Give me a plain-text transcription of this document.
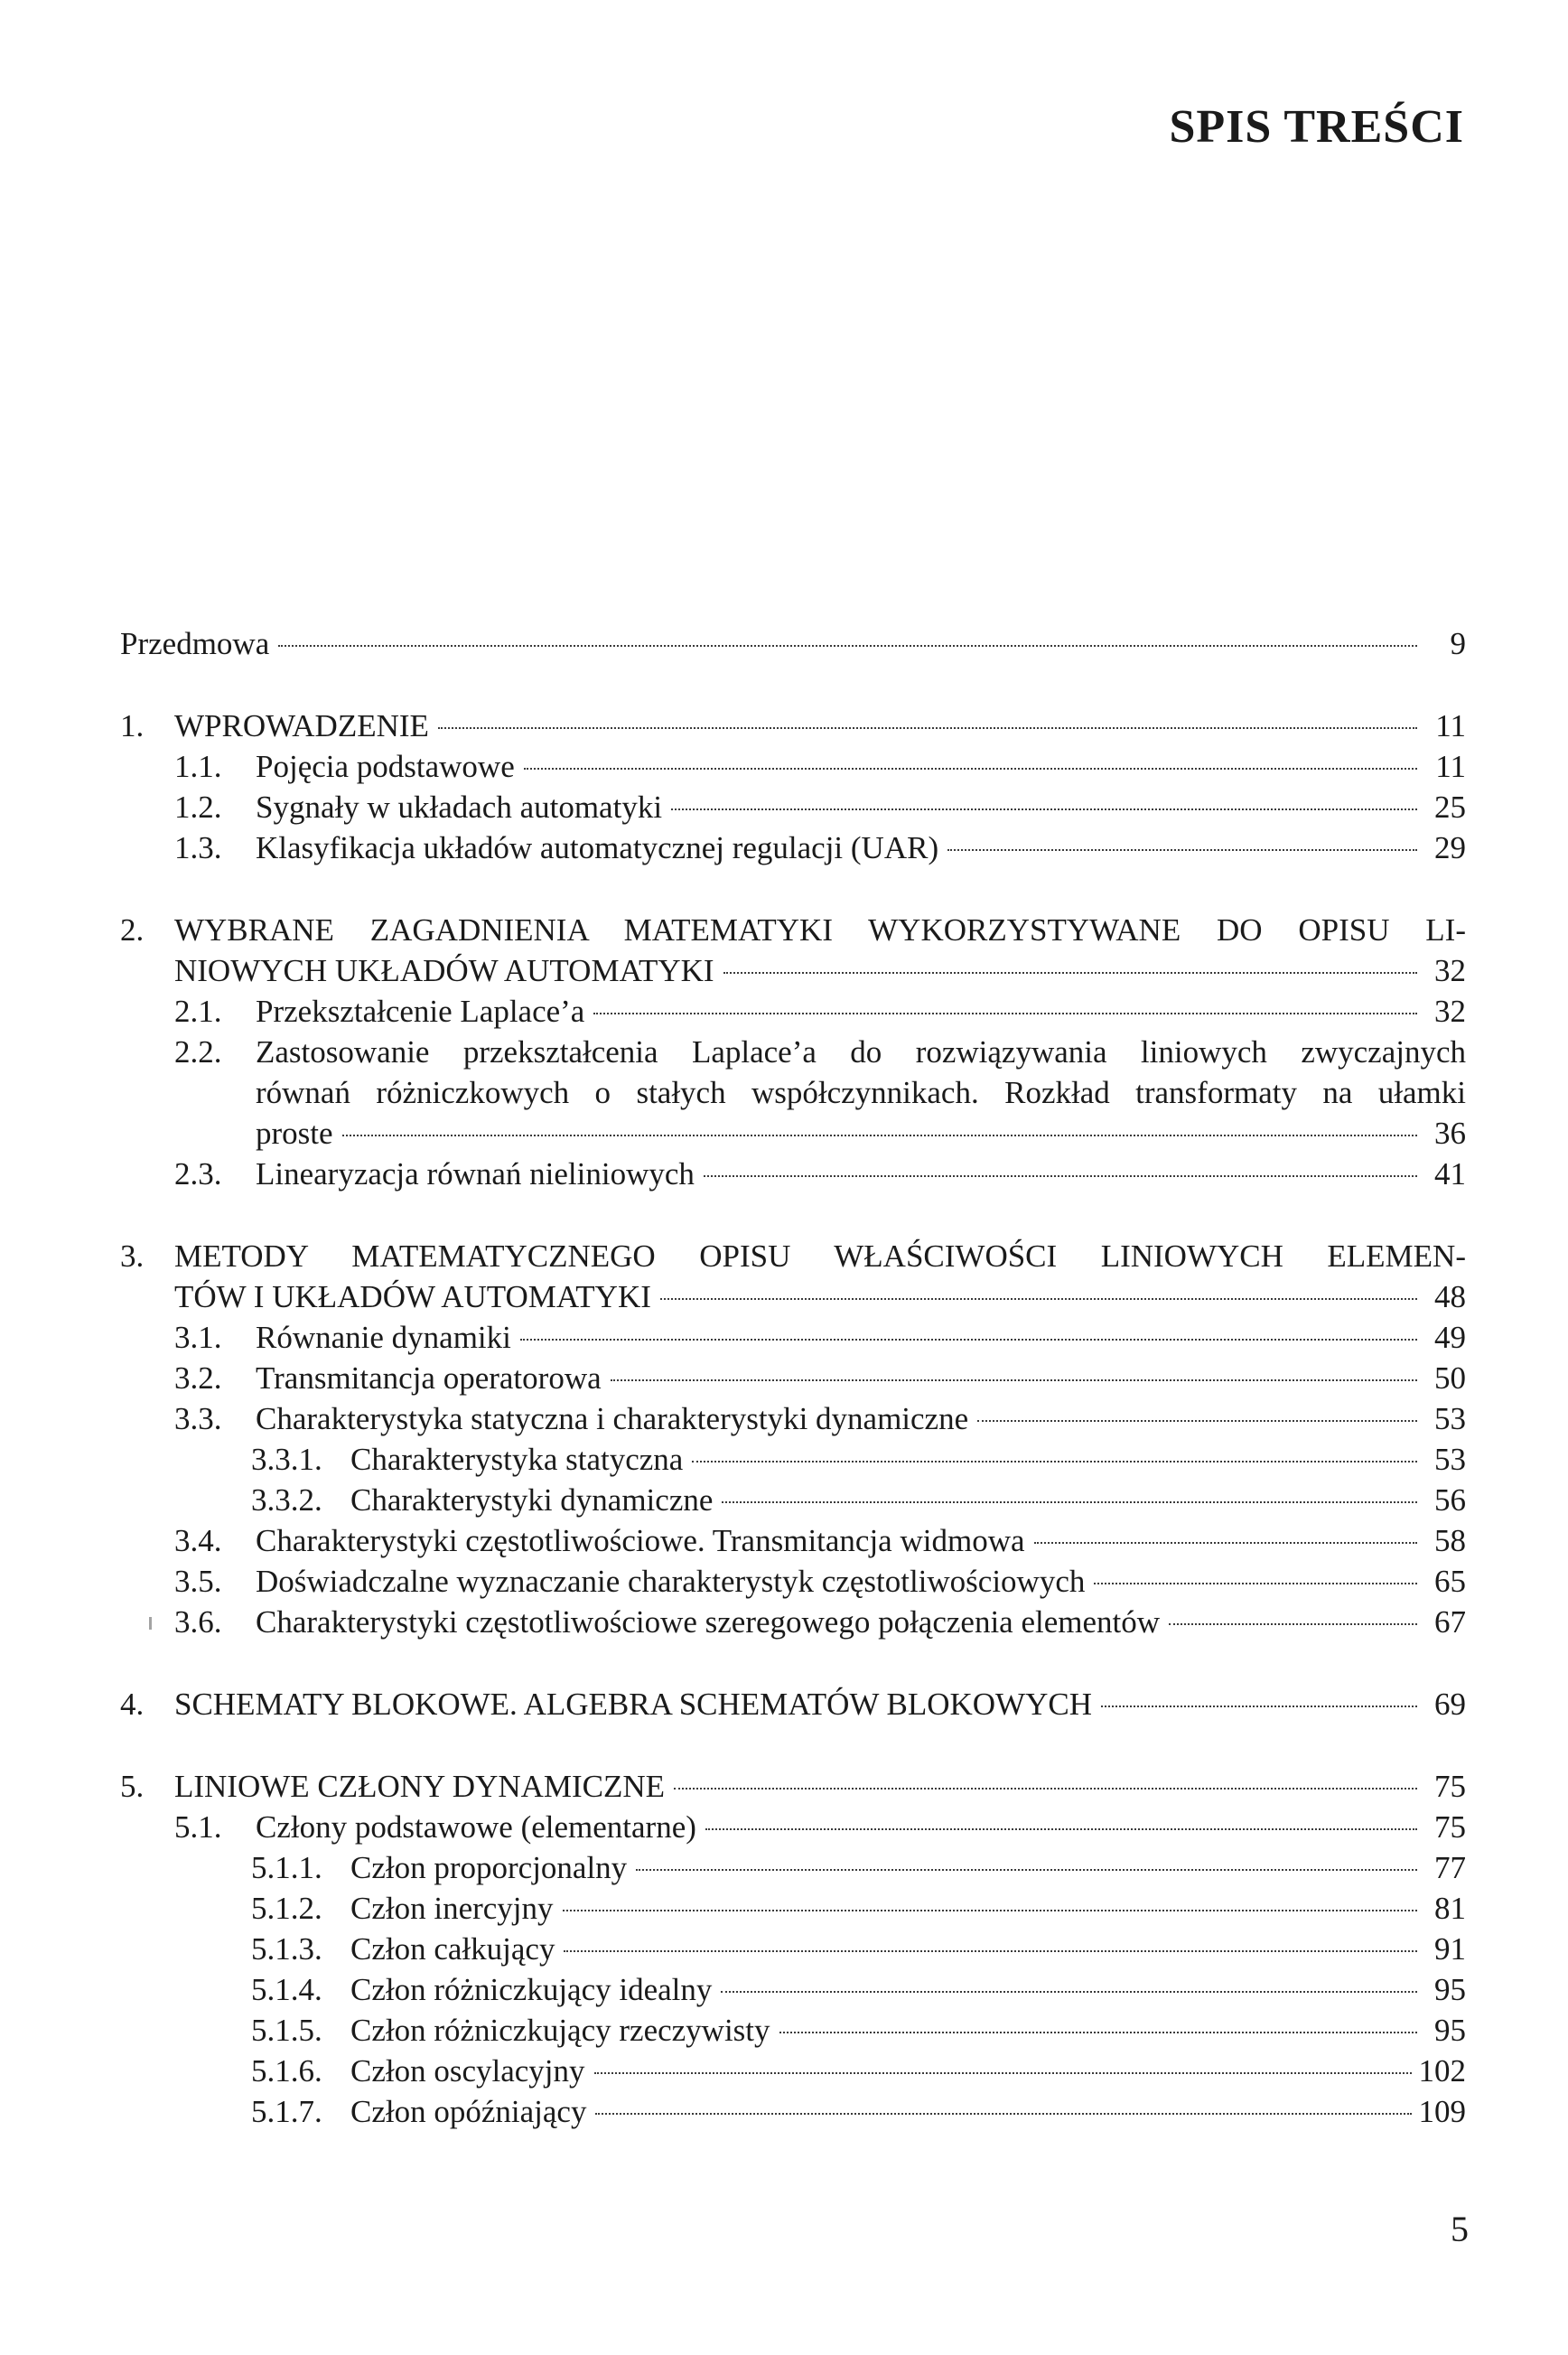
SPIS TREŚCI
Przedmowa	9
1. WPROWADZENIE	11
1.1. Pojęcia podstawowe	11
1.2. Sygnały w układach automatyki	25
1.3. Klasyfikacja układów automatycznej regulacji (UAR)	29
2. WYBRANE ZAGADNIENIA MATEMATYKI WYKORZYSTYWANE DO OPISU LI-
NIOWYCH UKŁADÓW AUTOMATYKI	32
2.1. Przekształcenie Laplace’a	32
2.2. Zastosowanie przekształcenia Laplace’a do rozwiązywania liniowych zwyczajnych
równań różniczkowych o stałych współczynnikach. Rozkład transformaty na ułamki
proste	36
2.3. Linearyzacja równań nieliniowych	41
3. METODY MATEMATYCZNEGO OPISU WŁAŚCIWOŚCI LINIOWYCH ELEMEN-
TÓW I UKŁADÓW AUTOMATYKI	48
3.1. Równanie dynamiki	49
3.2. Transmitancja operatorowa	50
3.3. Charakterystyka statyczna i charakterystyki dynamiczne	53
3.3.1. Charakterystyka statyczna	53
3.3.2. Charakterystyki dynamiczne	56
3.4. Charakterystyki częstotliwościowe. Transmitancja widmowa	58
3.5. Doświadczalne wyznaczanie charakterystyk częstotliwościowych	65
3.6. Charakterystyki częstotliwościowe szeregowego połączenia elementów	67
4. SCHEMATY BLOKOWE. ALGEBRA SCHEMATÓW BLOKOWYCH	69
5. LINIOWE CZŁONY DYNAMICZNE	75
5.1. Człony podstawowe (elementarne)	75
5.1.1. Człon proporcjonalny	77
5.1.2. Człon inercyjny	81
5.1.3. Człon całkujący	91
5.1.4. Człon różniczkujący idealny	95
5.1.5. Człon różniczkujący rzeczywisty	95
5.1.6. Człon oscylacyjny	102
5.1.7. Człon opóźniający	109

5
